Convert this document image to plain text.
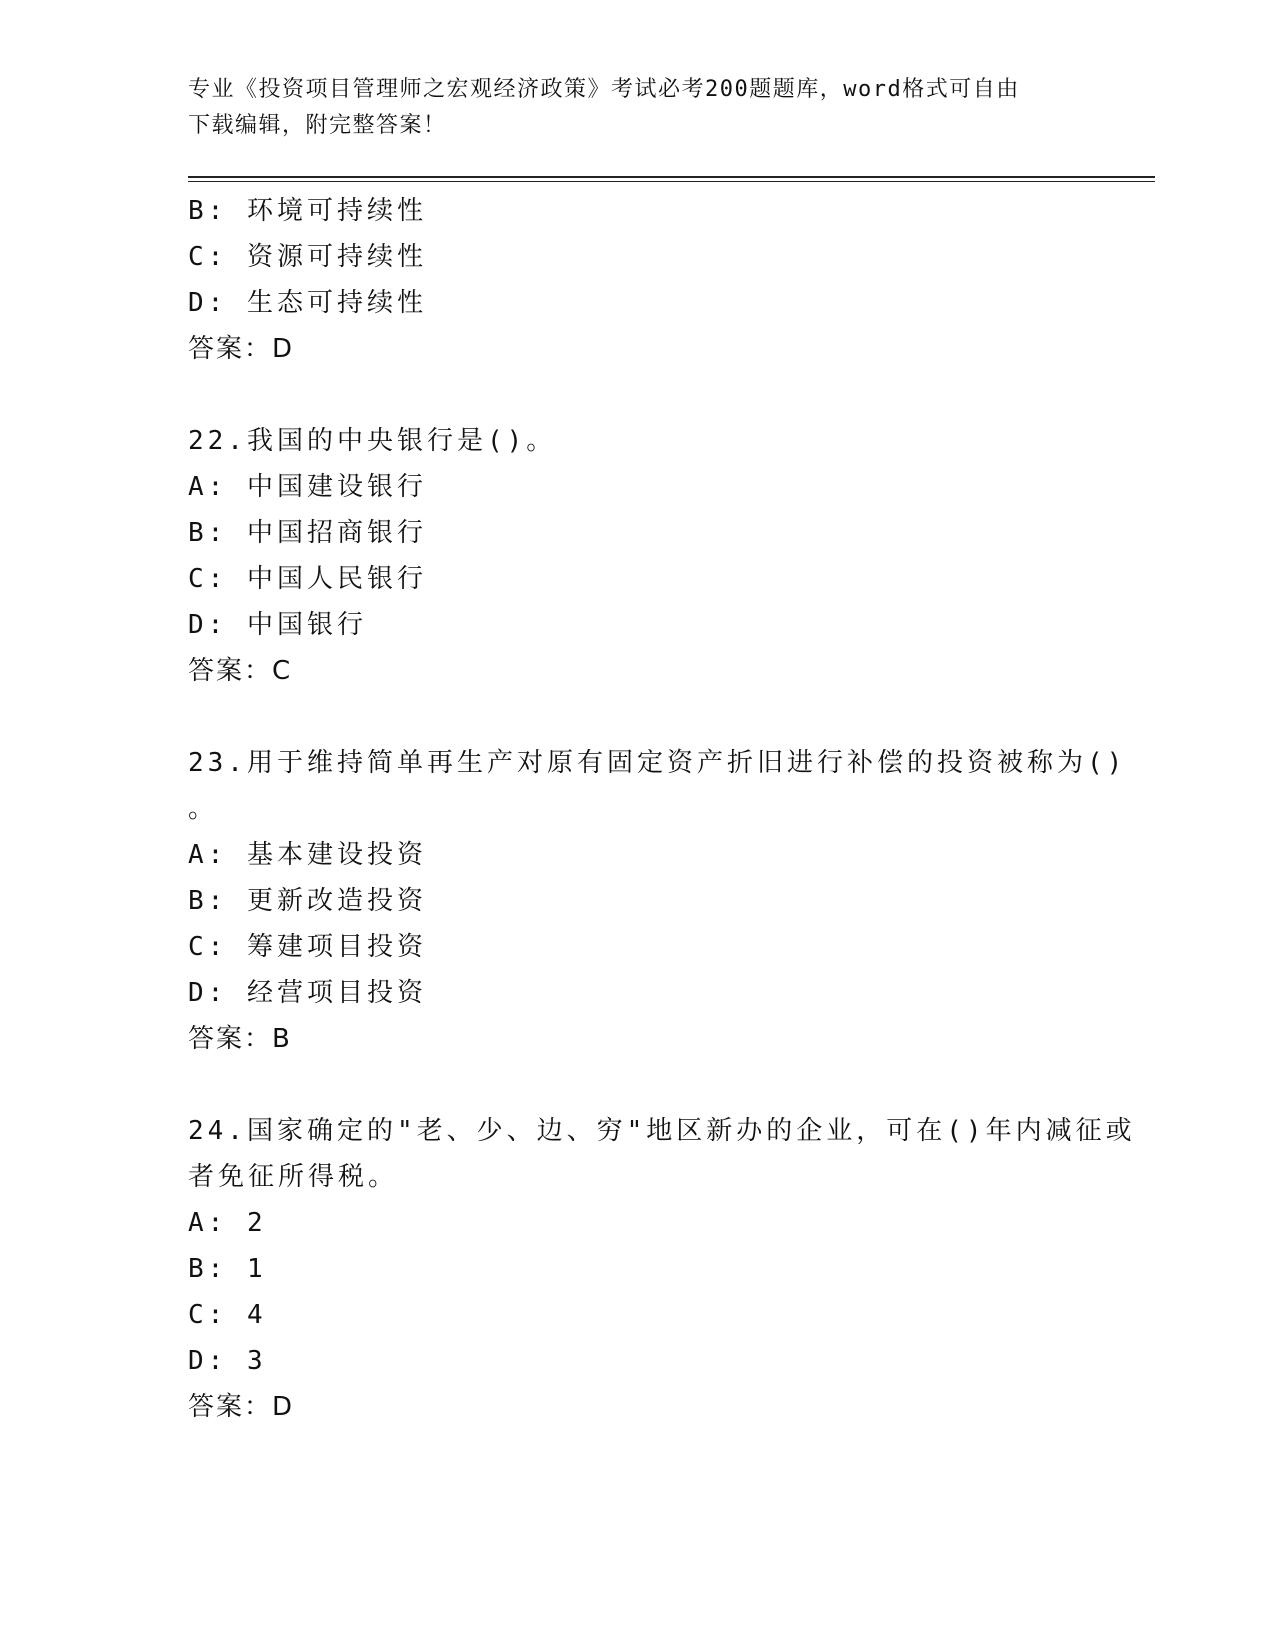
专业《投资项目管理师之宏观经济政策》考试必考200题题库，word格式可自由
下载编辑，附完整答案！
B: 环境可持续性
C: 资源可持续性
D: 生态可持续性
答案：D
22.我国的中央银行是()。
A: 中国建设银行
B: 中国招商银行
C: 中国人民银行
D: 中国银行
答案：C
23.用于维持简单再生产对原有固定资产折旧进行补偿的投资被称为()
。
A: 基本建设投资
B: 更新改造投资
C: 筹建项目投资
D: 经营项目投资
答案：B
24.国家确定的"老、少、边、穷"地区新办的企业，可在()年内减征或
者免征所得税。
A: 2
B: 1
C: 4
D: 3
答案：D
